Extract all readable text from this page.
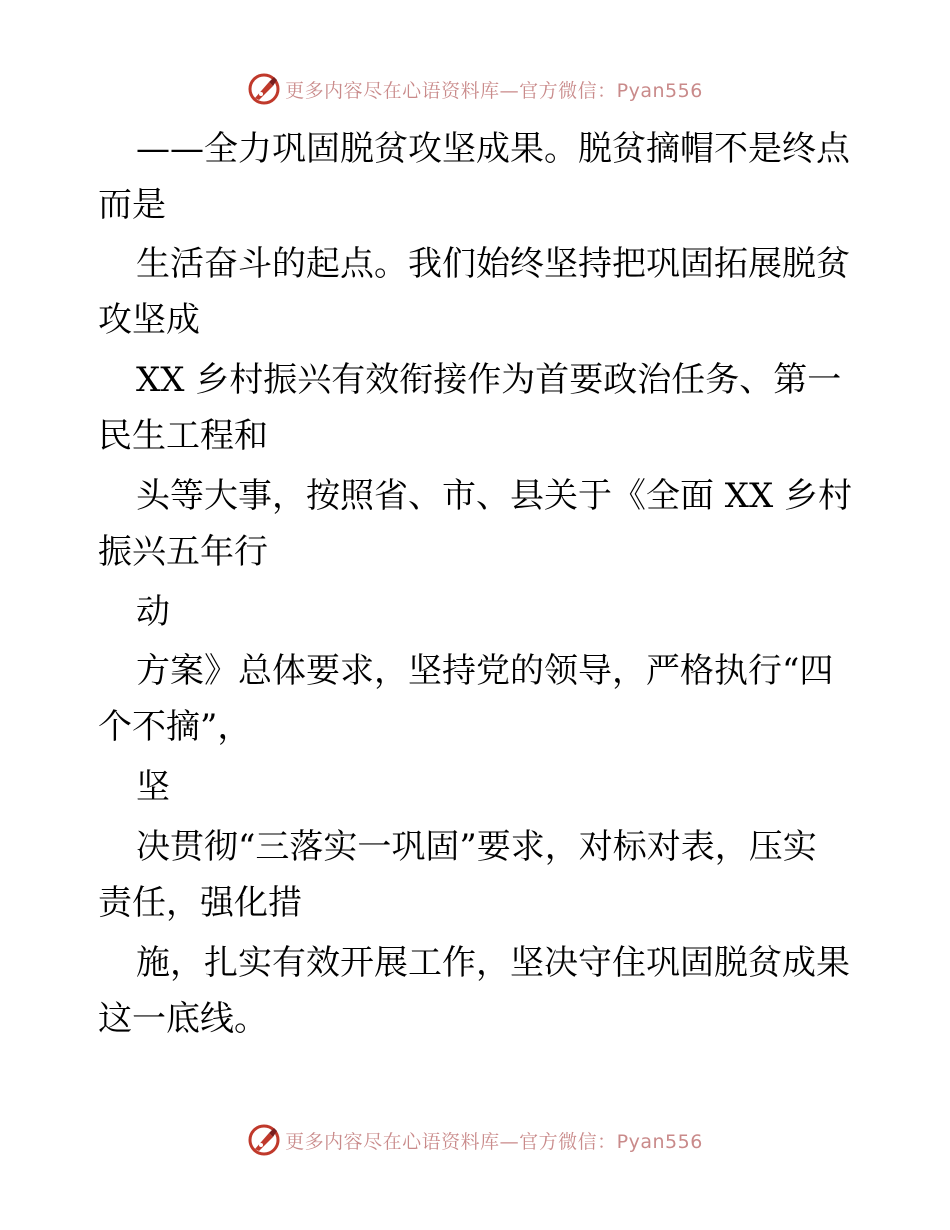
更多内容尽在心语资料库—官方微信：Pyan556
——全力巩固脱贫攻坚成果。脱贫摘帽不是终点
而是
生活奋斗的起点。我们始终坚持把巩固拓展脱贫
攻坚成
XX 乡村振兴有效衔接作为首要政治任务、第一
民生工程和
头等大事，按照省、市、县关于《全面 XX 乡村
振兴五年行
动
方案》总体要求，坚持党的领导，严格执行“四
个不摘”，
坚
决贯彻“三落实一巩固”要求，对标对表，压实
责任，强化措
施，扎实有效开展工作，坚决守住巩固脱贫成果
这一底线。
更多内容尽在心语资料库—官方微信：Pyan556
